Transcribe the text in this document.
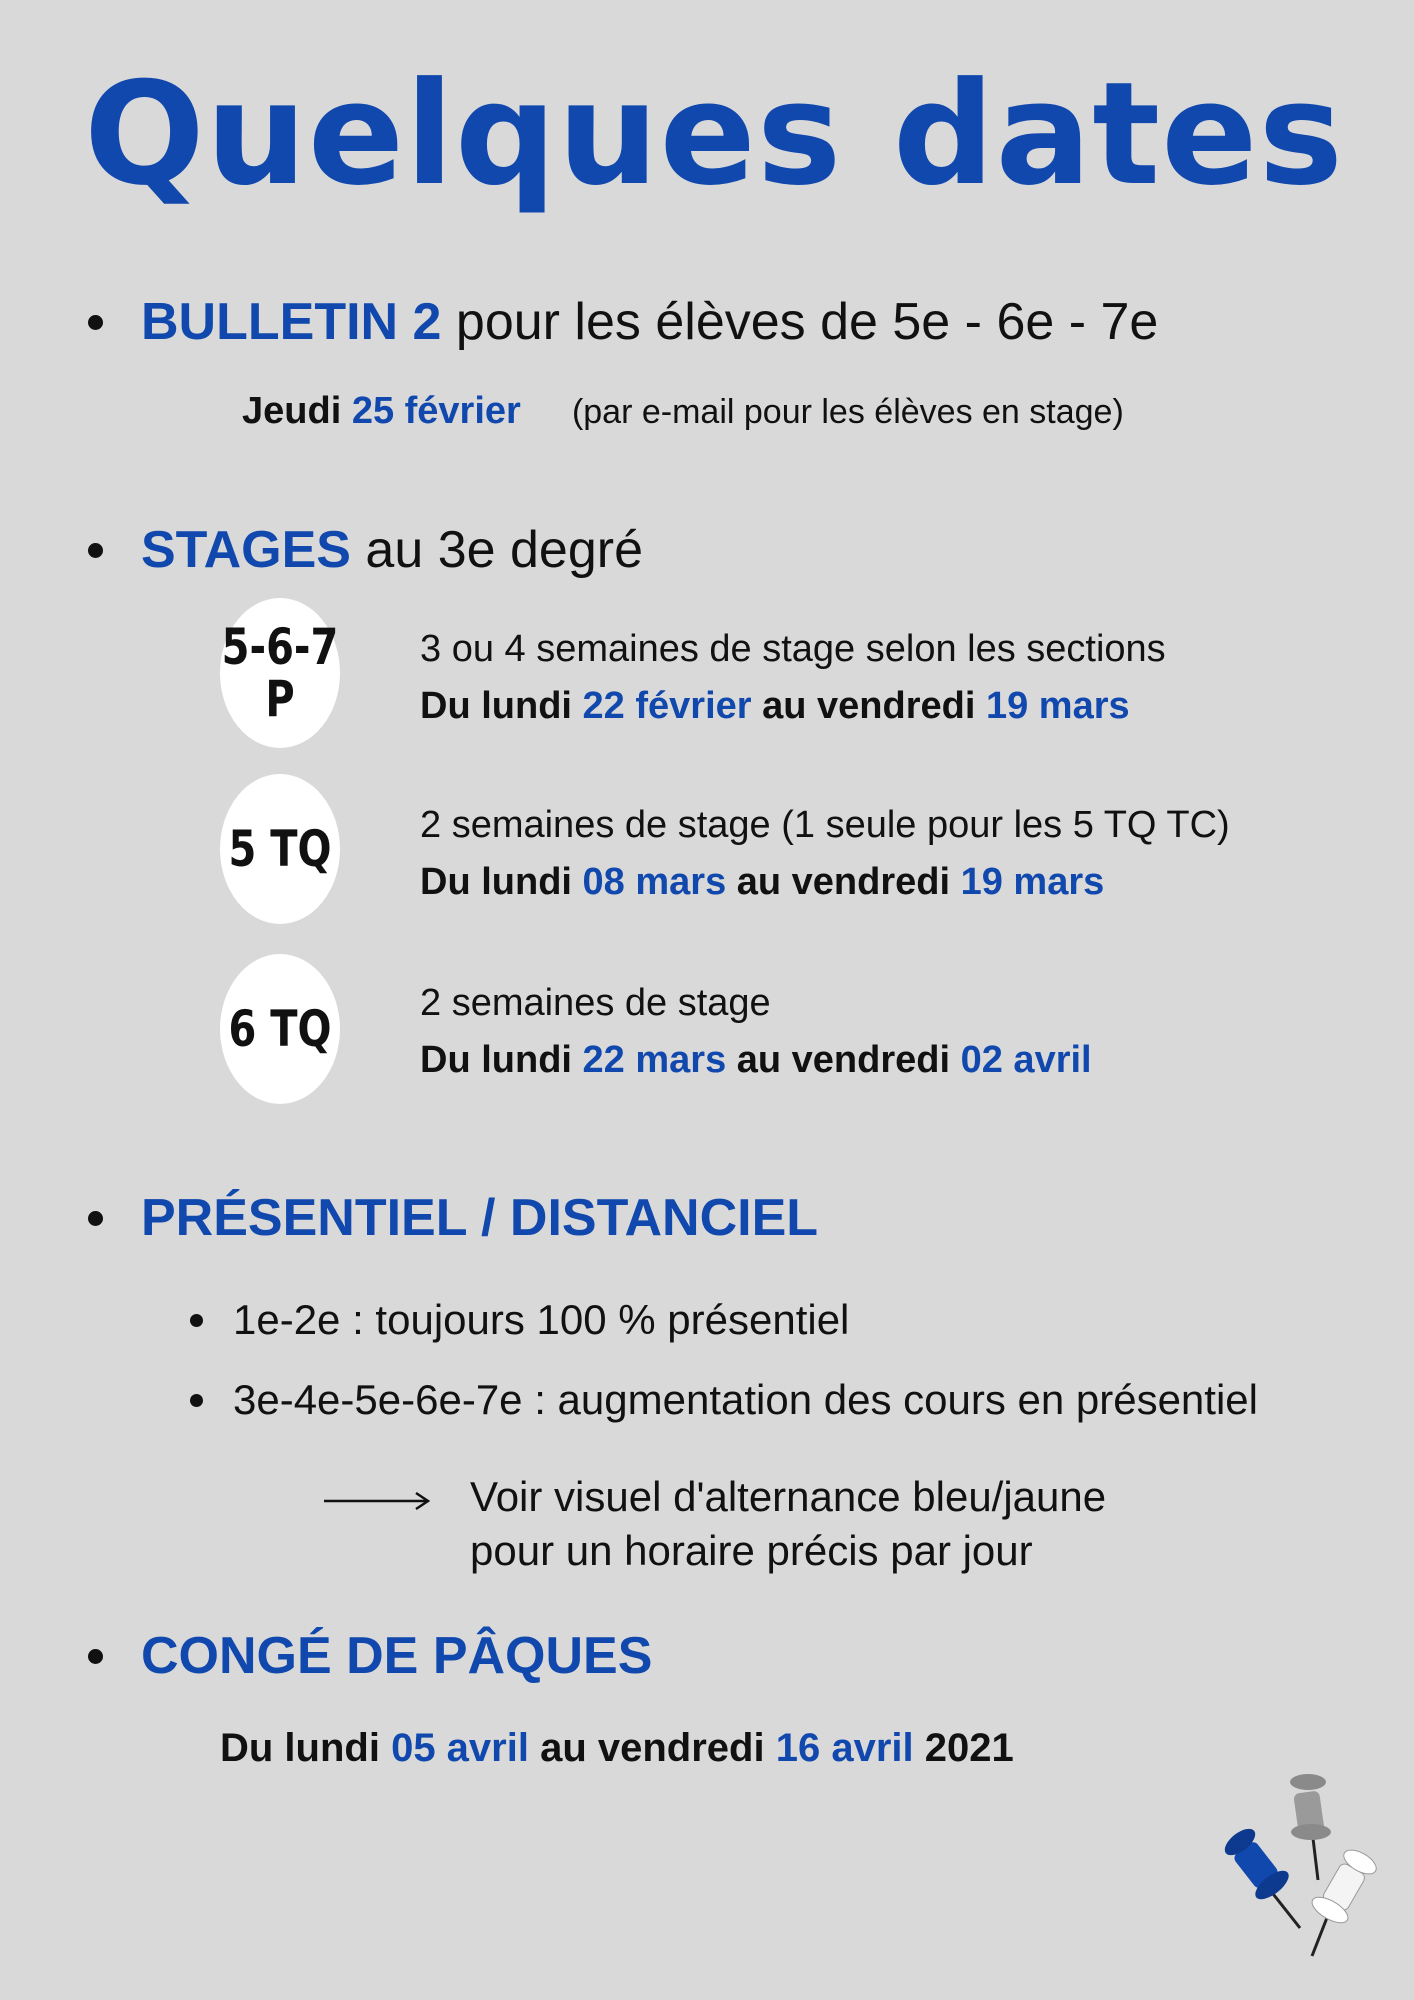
Quelques dates
BULLETIN 2 pour les élèves de 5e - 6e - 7e
Jeudi 25 février (par e-mail pour les élèves en stage)
STAGES au 3e degré
5-6-7
P
3 ou 4 semaines de stage selon les sections
Du lundi 22 février au vendredi 19 mars
5 TQ 2 semaines de stage (1 seule pour les 5 TQ TC)
Du lundi 08 mars au vendredi 19 mars
6 TQ 2 semaines de stage
Du lundi 22 mars au vendredi 02 avril
PRÉSENTIEL / DISTANCIEL
1e-2e : toujours 100 % présentiel
3e-4e-5e-6e-7e : augmentation des cours en présentiel
Voir visuel d'alternance bleu/jaune
pour un horaire précis par jour
CONGÉ DE PÂQUES
Du lundi 05 avril au vendredi 16 avril 2021
